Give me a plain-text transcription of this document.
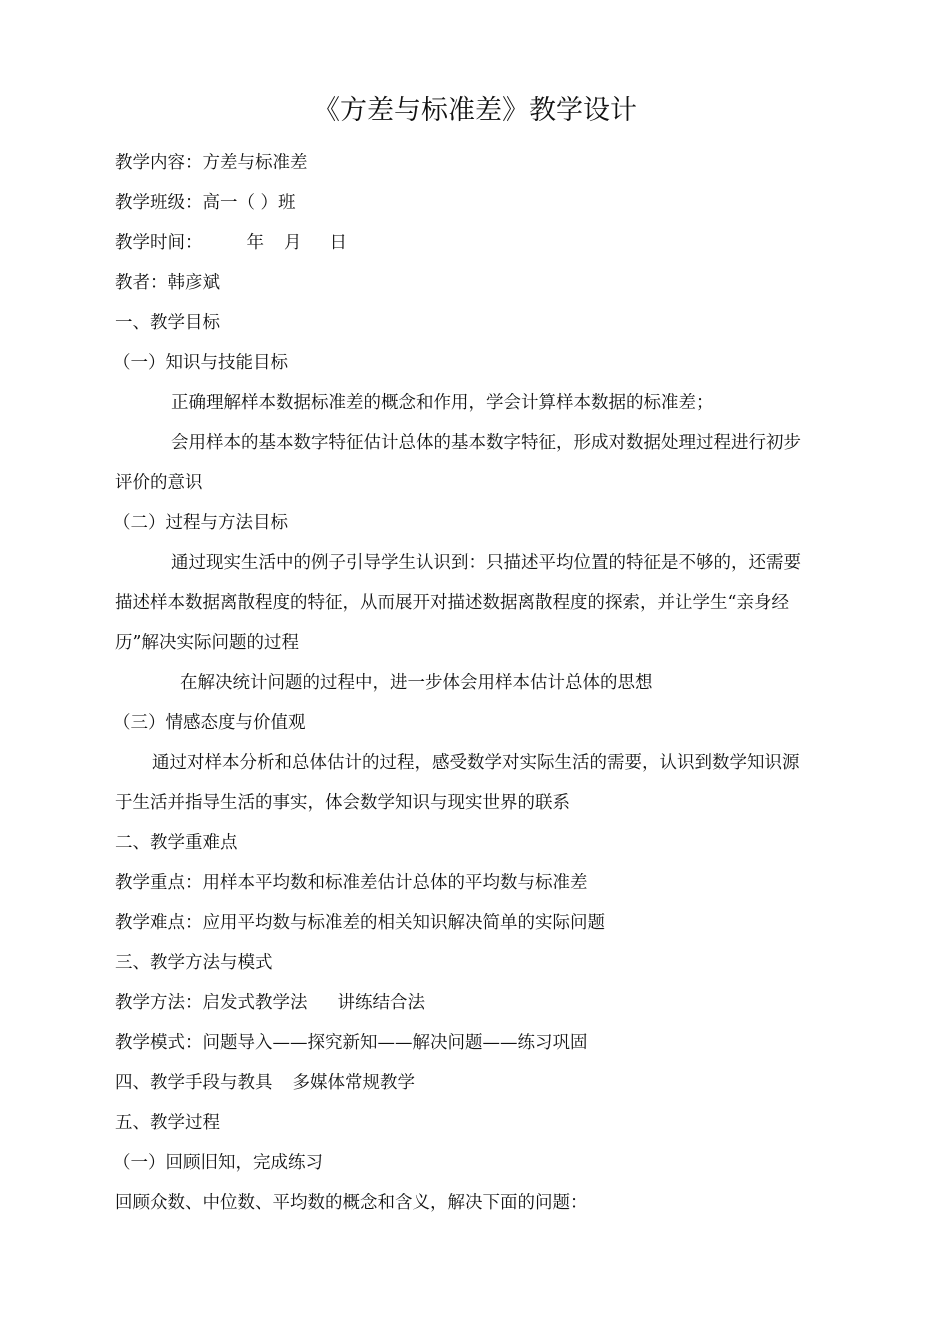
《方差与标准差》教学设计
教学内容：方差与标准差
教学班级：高一（ ）班
教学时间：	年 月 日
教者：韩彦斌
一、教学目标
（一）知识与技能目标
正确理解样本数据标准差的概念和作用，学会计算样本数据的标准差；
会用样本的基本数字特征估计总体的基本数字特征，形成对数据处理过程进行初步
评价的意识
（二）过程与方法目标
通过现实生活中的例子引导学生认识到：只描述平均位置的特征是不够的，还需要
描述样本数据离散程度的特征，从而展开对描述数据离散程度的探索，并让学生“亲身经
历”解决实际问题的过程
在解决统计问题的过程中，进一步体会用样本估计总体的思想
（三）情感态度与价值观
通过对样本分析和总体估计的过程，感受数学对实际生活的需要，认识到数学知识源
于生活并指导生活的事实，体会数学知识与现实世界的联系
二、教学重难点
教学重点：用样本平均数和标准差估计总体的平均数与标准差
教学难点：应用平均数与标准差的相关知识解决简单的实际问题
三、教学方法与模式
教学方法：启发式教学法 讲练结合法
教学模式：问题导入——探究新知——解决问题——练习巩固
四、教学手段与教具 多媒体常规教学
五、教学过程
（一）回顾旧知，完成练习
回顾众数、中位数、平均数的概念和含义，解决下面的问题：
